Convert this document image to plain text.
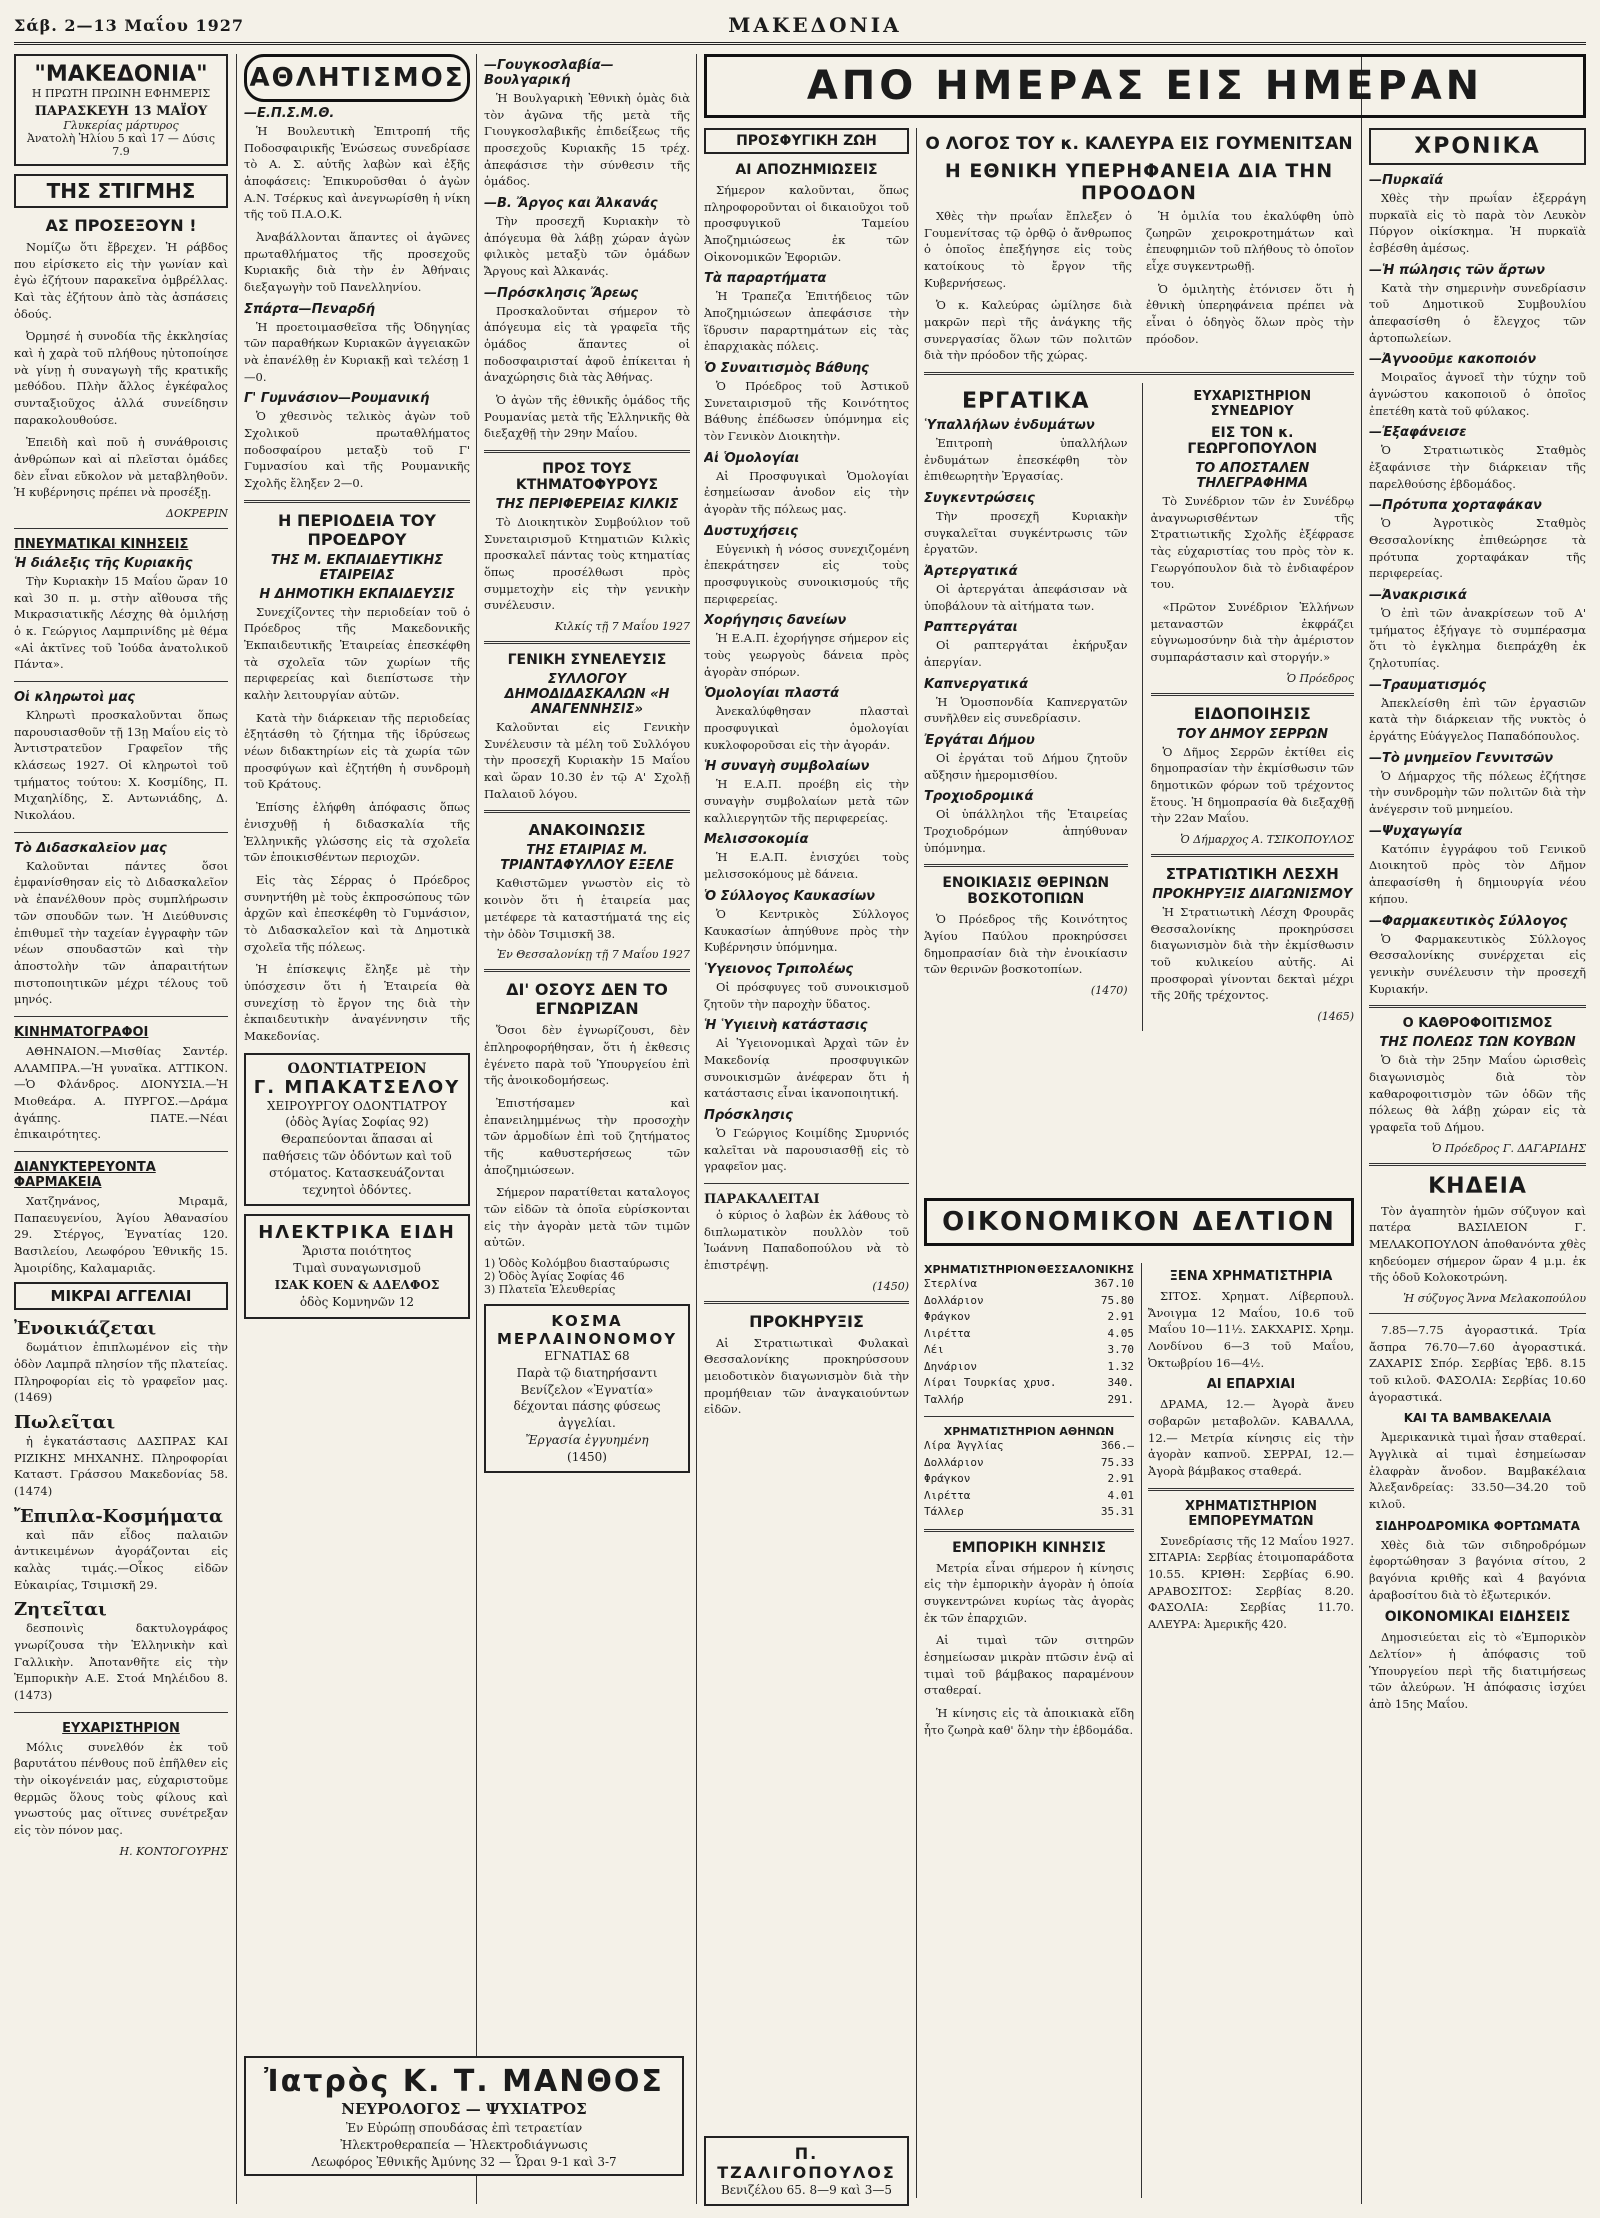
Σάβ. 2—13 Μαΐου 1927	ΜΑΚΕΔΟΝΙΑ
"ΜΑΚΕΔΟΝΙΑ"
Η ΠΡΩΤΗ ΠΡΩΙΝΗ ΕΦΗΜΕΡΙΣ
ΠΑΡΑΣΚΕΥΗ 13 ΜΑΪΟΥ
Γλυκερίας μάρτυρος
Ἀνατολὴ Ἡλίου 5 καὶ 17 — Δύσις 7.9
ΤΗΣ ΣΤΙΓΜΗΣ
ΑΣ ΠΡΟΣΕΞΟΥΝ !

Νομίζω ὅτι ἔβρεχεν. Ἡ ράβδος που εἰρίσκετο εἰς τὴν γωνίαν καὶ ἐγὼ ἐζήτουν παρακεῖνα ὀμβρέλλας. Καὶ τὰς ἐζήτουν ἀπὸ τὰς ἀσπάσεις ὁδούς.

Ὀρμησέ ἡ συνοδία τῆς ἐκκλησίας καὶ ἡ χαρὰ τοῦ πλήθους ηὐτοποίησε νὰ γίνῃ ἡ συναγωγὴ τῆς κρατικῆς μεθόδου. Πλὴν ἄλλος ἐγκέφαλος συνταξιοῦχος ἀλλά συνείδησιν παρακολουθούσε.

Ἐπειδὴ καὶ ποῦ ἡ συνάθροισις ἀνθρώπων καὶ αἱ πλεῖσται ὁμάδες δὲν εἶναι εὔκολον νὰ μεταβληθοῦν. Ἡ κυβέρνησις πρέπει νὰ προσέξῃ.

ΔΟΚΡΕΡΙΝ
ΠΝΕΥΜΑΤΙΚΑΙ ΚΙΝΗΣΕΙΣ
Ἡ διάλεξις τῆς Κυριακῆς

Τὴν Κυριακὴν 15 Μαΐου ὥραν 10 καὶ 30 π. μ. στὴν αἴθουσα τῆς Μικρασιατικῆς Λέσχης θὰ ὁμιλήσῃ ὁ κ. Γεώργιος Λαμπρινίδης μὲ θέμα «Αἱ ἀκτῖνες τοῦ Ἰούδα ἀνατολικοῦ Πάντα».

Οἱ κληρωτοὶ μας

Κληρωτὶ προσκαλοῦνται ὅπως παρουσιασθοῦν τῇ 13ῃ Μαΐου εἰς τὸ Ἀντιστρατεῦον Γραφεῖον τῆς κλάσεως 1927. Οἱ κληρωτοὶ τοῦ τμήματος τούτου: Χ. Κοσμίδης, Π. Μιχαηλίδης, Σ. Αντωνιάδης, Δ. Νικολάου.

Τὸ Διδασκαλεῖον μας

Καλοῦνται πάντες ὅσοι ἐμφανίσθησαν εἰς τὸ Διδασκαλεῖον νὰ ἐπανέλθουν πρὸς συμπλήρωσιν τῶν σπουδῶν των. Ἡ Διεύθυνσις ἐπιθυμεῖ τὴν ταχείαν ἐγγραφὴν τῶν νέων σπουδαστῶν καὶ τὴν ἀποστολὴν τῶν ἀπαραιτήτων πιστοποιητικῶν μέχρι τέλους τοῦ μηνός.

ΚΙΝΗΜΑΤΟΓΡΑΦΟΙ

ΑΘΗΝΑΙΟΝ.—Μισθίας Σαντέρ. ΑΛΑΜΠΡΑ.—Ἡ γυναῖκα. ΑΤΤΙΚΟΝ.—Ὁ Φλάνδρος. ΔΙΟΝΥΣΙΑ.—Ἡ Μιοθεάρα. Α. ΠΥΡΓΟΣ.—Δράμα ἀγάπης. ΠΑΤΕ.—Νέαι ἐπικαιρότητες.

ΔΙΑΝΥΚΤΕΡΕΥΟΝΤΑ ΦΑΡΜΑΚΕΙΑ

Χατζηνάνος, Μιραμᾶ, Παπαευγενίου, Ἁγίου Ἀθανασίου 29. Στέργος, Ἐγνατίας 120. Βασιλείου, Λεωφόρου Ἐθνικῆς 15. Ἀμοιρίδης, Καλαμαριᾶς.

ΜΙΚΡΑΙ ΑΓΓΕΛΙΑΙ
Ἐνοικιάζεται

δωμάτιον ἐπιπλωμένον εἰς τὴν ὁδὸν Λαμπρᾶ πλησίον τῆς πλατείας. Πληροφορίαι εἰς τὸ γραφεῖον μας. (1469)

Πωλεῖται

ἡ ἐγκατάστασις ΔΑΣΠΡΑΣ ΚΑΙ ΡΙΖΙΚΗΣ ΜΗΧΑΝΗΣ. Πληροφορίαι Καταστ. Γράσσου Μακεδονίας 58. (1474)

Ἔπιπλα-Κοσμήματα

καὶ πᾶν εἶδος παλαιῶν ἀντικειμένων ἀγοράζονται εἰς καλὰς τιμάς.—Οἶκος εἰδῶν Εὐκαιρίας, Τσιμισκῆ 29.

Ζητεῖται

δεσποινὶς δακτυλογράφος γνωρίζουσα τὴν Ἑλληνικὴν καὶ Γαλλικὴν. Ἀποτανθῆτε εἰς τὴν Ἐμπορικὴν Α.Ε. Στοά Μηλέιδου 8. (1473)

ΕΥΧΑΡΙΣΤΗΡΙΟΝ

Μόλις συνελθόν ἐκ τοῦ βαρυτάτου πένθους ποῦ ἐπῆλθεν εἰς τὴν οἰκογένειάν μας, εὐχαριστοῦμε θερμῶς ὅλους τοὺς φίλους καὶ γνωστούς μας οἵτινες συνέτρεξαν εἰς τὸν πόνον μας.

Η. ΚΟΝΤΟΓΟΥΡΗΣ
ΑΘΛΗΤΙΣΜΟΣ
—Ε.Π.Σ.Μ.Θ.

Ἡ Βουλευτικὴ Ἐπιτροπή τῆς Ποδοσφαιρικῆς Ἑνώσεως συνεδρίασε τὸ Α. Σ. αὐτῆς λαβὼν καὶ ἐξῆς ἀποφάσεις: Ἐπικυροῦσθαι ὁ ἀγὼν Α.Ν. Τσέρκυς καὶ ἀνεγνωρίσθη ἡ νίκη τῆς τοῦ Π.Α.Ο.Κ.

Ἀναβάλλονται ἅπαντες οἱ ἀγῶνες πρωταθλήματος τῆς προσεχοῦς Κυριακῆς διὰ τὴν ἐν Ἀθήναις διεξαγωγὴν τοῦ Πανελληνίου.

Σπάρτα—Πεναρδή

Ἡ προετοιμασθεῖσα τῆς Ὀδηγηίας τῶν παραθήκων Κυριακῶν ἀγγειακῶν νὰ ἐπανέλθῃ ἐν Κυριακῇ καὶ τελέσῃ 1—0.

Γ' Γυμνάσιον—Ρουμανική

Ὁ χθεσινὸς τελικὸς ἀγὼν τοῦ Σχολικοῦ πρωταθλήματος ποδοσφαίρου μεταξὺ τοῦ Γ' Γυμνασίου καὶ τῆς Ρουμανικῆς Σχολῆς ἔληξεν 2—0.

Η ΠΕΡΙΟΔΕΙΑ ΤΟΥ ΠΡΟΕΔΡΟΥ
ΤΗΣ Μ. ΕΚΠΑΙΔΕΥΤΙΚΗΣ ΕΤΑΙΡΕΙΑΣ
Η ΔΗΜΟΤΙΚΗ ΕΚΠΑΙΔΕΥΣΙΣ

Συνεχίζοντες τὴν περιοδείαν τοῦ ὁ Πρόεδρος τῆς Μακεδονικῆς Ἐκπαιδευτικῆς Ἑταιρείας ἐπεσκέφθη τὰ σχολεῖα τῶν χωρίων τῆς περιφερείας καὶ διεπίστωσε τὴν καλὴν λειτουργίαν αὐτῶν.

Κατὰ τὴν διάρκειαν τῆς περιοδείας ἐξητάσθη τὸ ζήτημα τῆς ἱδρύσεως νέων διδακτηρίων εἰς τὰ χωρία τῶν προσφύγων καὶ ἐζητήθη ἡ συνδρομὴ τοῦ Κράτους.

Ἐπίσης ἐλήφθη ἀπόφασις ὅπως ἐνισχυθῇ ἡ διδασκαλία τῆς Ἑλληνικῆς γλώσσης εἰς τὰ σχολεῖα τῶν ἐποικισθέντων περιοχῶν.

Εἰς τὰς Σέρρας ὁ Πρόεδρος συνηντήθη μὲ τοὺς ἐκπροσώπους τῶν ἀρχῶν καὶ ἐπεσκέφθη τὸ Γυμνάσιον, τὸ Διδασκαλεῖον καὶ τὰ Δημοτικὰ σχολεῖα τῆς πόλεως.

Ἡ ἐπίσκεψις ἔληξε μὲ τὴν ὑπόσχεσιν ὅτι ἡ Ἑταιρεία θὰ συνεχίσῃ τὸ ἔργον της διὰ τὴν ἐκπαιδευτικὴν ἀναγέννησιν τῆς Μακεδονίας.

ΟΔΟΝΤΙΑΤΡΕΙΟΝ
Γ. ΜΠΑΚΑΤΣΕΛΟΥ
ΧΕΙΡΟΥΡΓΟΥ ΟΔΟΝΤΙΑΤΡΟΥ
(ὁδὸς Ἁγίας Σοφίας 92)
Θεραπεύονται ἅπασαι αἱ παθήσεις τῶν ὀδόντων καὶ τοῦ στόματος. Κατασκευάζονται τεχνητοὶ ὀδόντες.
ΗΛΕΚΤΡΙΚΑ ΕΙΔΗ
Ἄριστα ποιότητος
Τιμαὶ συναγωνισμοῦ
ΙΣΑΚ ΚΟΕΝ & ΑΔΕΛΦΟΣ
ὁδὸς Κομνηνῶν 12
—Γουγκοσλαβία—Βουλγαρική

Ἡ Βουλγαρικὴ Ἐθνικὴ ὁμὰς διὰ τὸν ἀγῶνα τῆς μετὰ τῆς Γιουγκοσλαβικῆς ἐπιδείξεως τῆς προσεχοῦς Κυριακῆς 15 τρέχ. ἀπεφάσισε τὴν σύνθεσιν τῆς ὁμάδος.

—Β. Ἄργος και Ἀλκανάς

Τὴν προσεχῆ Κυριακὴν τὸ ἀπόγευμα θὰ λάβῃ χώραν ἀγὼν φιλικὸς μεταξὺ τῶν ὁμάδων Ἄργους καὶ Ἀλκανάς.

—Πρόσκλησις Ἄρεως

Προσκαλοῦνται σήμερον τὸ ἀπόγευμα εἰς τὰ γραφεῖα τῆς ὁμάδος ἅπαντες οἱ ποδοσφαιρισταί ἀφοῦ ἐπίκειται ἡ ἀναχώρησις διὰ τὰς Ἀθήνας.

Ὁ ἀγὼν τῆς ἐθνικῆς ὁμάδος τῆς Ρουμανίας μετὰ τῆς Ἑλληνικῆς θὰ διεξαχθῇ τὴν 29ην Μαΐου.

ΠΡΟΣ ΤΟΥΣ ΚΤΗΜΑΤΟΦΥΡΟΥΣ
ΤΗΣ ΠΕΡΙΦΕΡΕΙΑΣ ΚΙΛΚΙΣ

Τὸ Διοικητικὸν Συμβούλιον τοῦ Συνεταιρισμοῦ Κτηματιῶν Κιλκὶς προσκαλεῖ πάντας τοὺς κτηματίας ὅπως προσέλθωσι πρὸς συμμετοχὴν εἰς τὴν γενικὴν συνέλευσιν.

Κιλκίς τῇ 7 Μαΐου 1927
ΓΕΝΙΚΗ ΣΥΝΕΛΕΥΣΙΣ
ΣΥΛΛΟΓΟΥ ΔΗΜΟΔΙΔΑΣΚΑΛΩΝ «Η ΑΝΑΓΕΝΝΗΣΙΣ»

Καλοῦνται εἰς Γενικὴν Συνέλευσιν τὰ μέλη τοῦ Συλλόγου τὴν προσεχῆ Κυριακὴν 15 Μαΐου καὶ ὥραν 10.30 ἐν τῷ Α' Σχολῇ Παλαιοῦ λόγου.

ΑΝΑΚΟΙΝΩΣΙΣ
ΤΗΣ ΕΤΑΙΡΙΑΣ Μ. ΤΡΙΑΝΤΑΦΥΛΛΟΥ ΕΞΕΛΕ

Καθιστῶμεν γνωστὸν εἰς τὸ κοινὸν ὅτι ἡ ἑταιρεία μας μετέφερε τὰ καταστήματά της εἰς τὴν ὁδὸν Τσιμισκῆ 38.

Ἐν Θεσσαλονίκῃ τῇ 7 Μαΐου 1927
ΔΙ' ΟΣΟΥΣ ΔΕΝ ΤΟ ΕΓΝΩΡΙΖΑΝ

Ὅσοι δὲν ἐγνωρίζουσι, δὲν ἐπληροφορήθησαν, ὅτι ἡ ἐκθεσις ἐγένετο παρὰ τοῦ Ὑπουργείου ἐπὶ τῆς ἀνοικοδομήσεως.

Ἐπιστήσαμεν καὶ ἐπανειλημμένως τὴν προσοχὴν τῶν ἁρμοδίων ἐπὶ τοῦ ζητήματος τῆς καθυστερήσεως τῶν ἀποζημιώσεων.

Σήμερον παρατίθεται καταλογος τῶν εἰδῶν τὰ ὁποῖα εὑρίσκονται εἰς τὴν ἀγορὰν μετὰ τῶν τιμῶν αὐτῶν.

1) Ὁδὸς Κολόμβου διασταύρωσις
2) Ὁδὸς Ἁγίας Σοφίας 46
3) Πλατεῖα Ἐλευθερίας
ΚΟΣΜΑ ΜΕΡΛΑΙΝΟΝΟΜΟΥ
ΕΓΝΑΤΙΑΣ 68
Παρὰ τῷ διατηρήσαντι Βενίζελον «Ἐγνατία» δέχονται πάσης φύσεως ἀγγελίαι.
Ἔργασία ἐγγυημένη
(1450)
Ἰατρὸς Κ. Τ. ΜΑΝΘΟΣ
ΝΕΥΡΟΛΟΓΟΣ — ΨΥΧΙΑΤΡΟΣ
Ἐν Εὐρώπῃ σπουδάσας ἐπὶ τετραετίαν
Ἠλεκτροθεραπεία — Ἠλεκτροδιάγνωσις
Λεωφόρος Ἐθνικῆς Ἀμύνης 32 — Ὧραι 9-1 καὶ 3-7
ΑΠΟ ΗΜΕΡΑΣ ΕΙΣ ΗΜΕΡΑΝ
ΠΡΟΣΦΥΓΙΚΗ ΖΩΗ
ΑΙ ΑΠΟΖΗΜΙΩΣΕΙΣ

Σήμερον καλοῦνται, ὅπως πληροφοροῦνται οἱ δικαιοῦχοι τοῦ προσφυγικοῦ Ταμείου Ἀποζημιώσεως ἐκ τῶν Οἰκονομικῶν Ἐφοριῶν.

Τὰ παραρτήματα

Ἡ Τραπεζα Ἐπιτήδειος τῶν Ἀποζημιώσεων ἀπεφάσισε τὴν ἵδρυσιν παραρτημάτων εἰς τὰς ἐπαρχιακὰς πόλεις.

Ὁ Συναιτισμὸς Βάθυης

Ὁ Πρόεδρος τοῦ Ἀστικοῦ Συνεταιρισμοῦ τῆς Κοινότητος Βάθυης ἐπέδωσεν ὑπόμνημα εἰς τὸν Γενικὸν Διοικητὴν.

Αἱ Ὁμολογίαι

Αἱ Προσφυγικαὶ Ὁμολογίαι ἐσημείωσαν ἀνοδον εἰς τὴν ἀγορὰν τῆς πόλεως μας.

Δυστυχήσεις

Εὐγενικὴ ἡ νόσος συνεχιζομένη ἐπεκράτησεν εἰς τοὺς προσφυγικοὺς συνοικισμούς τῆς περιφερείας.

Χορήγησις δανείων

Ἡ Ε.Α.Π. ἐχορήγησε σήμερον εἰς τοὺς γεωργοὺς δάνεια πρὸς ἀγορὰν σπόρων.

Ὁμολογίαι πλαστά

Ἀνεκαλύφθησαν πλασταὶ προσφυγικαὶ ὁμολογίαι κυκλοφοροῦσαι εἰς τὴν ἀγοράν.

Ἡ συναγὴ συμβολαίων

Ἡ Ε.Α.Π. προέβη εἰς τὴν συναγὴν συμβολαίων μετὰ τῶν καλλιεργητῶν τῆς περιφερείας.

Μελισσοκομία

Ἡ Ε.Α.Π. ἐνισχύει τοὺς μελισσοκόμους μὲ δάνεια.

Ὁ Σύλλογος Καυκασίων

Ὁ Κεντρικὸς Σύλλογος Καυκασίων ἀπηύθυνε πρὸς τὴν Κυβέρνησιν ὑπόμνημα.

Ὑγειονος Τριπολέως

Οἱ πρόσφυγες τοῦ συνοικισμοῦ ζητοῦν τὴν παροχὴν ὕδατος.

Ἡ Ὑγιεινὴ κατάστασις

Αἱ Ὑγειονομικαὶ Ἀρχαὶ τῶν ἐν Μακεδονίᾳ προσφυγικῶν συνοικισμῶν ἀνέφεραν ὅτι ἡ κατάστασις εἶναι ἱκανοποιητική.

Πρόσκλησις

Ὁ Γεώργιος Κοιμίδης Σμυρνιός καλεῖται νὰ παρουσιασθῇ εἰς τὸ γραφεῖον μας.

ΠΑΡΑΚΑΛΕΙΤΑΙ

ὁ κύριος ὁ λαβὼν ἐκ λάθους τὸ διπλωματικὸν πουλλὸν τοῦ Ἰωάννη Παπαδοπούλου νὰ τὸ ἐπιστρέψῃ.

(1450)
ΠΡΟΚΗΡΥΞΙΣ

Αἱ Στρατιωτικαὶ Φυλακαὶ Θεσσαλονίκης προκηρύσσουν μειοδοτικὸν διαγωνισμὸν διὰ τὴν προμήθειαν τῶν ἀναγκαιούντων εἰδῶν.

Π. ΤΖΑΛΙΓΟΠΟΥΛΟΣ
Βενιζέλου 65. 8—9 καὶ 3—5
Ο ΛΟΓΟΣ ΤΟΥ κ. ΚΑΛΕΥΡΑ ΕΙΣ ΓΟΥΜΕΝΙΤΣΑΝ
Η ΕΘΝΙΚΗ ΥΠΕΡΗΦΑΝΕΙΑ ΔΙΑ ΤΗΝ ΠΡΟΟΔΟΝ

Χθὲς τὴν πρωΐαν ἔπλεξεν ὁ Γουμενίτσας τῷ ὀρθῷ ὁ ἄνθρωπος ὁ ὁποῖος ἐπεξήγησε εἰς τοὺς κατοίκους τὸ ἔργον τῆς Κυβερνήσεως.

Ὁ κ. Καλεύρας ὡμίλησε διὰ μακρῶν περὶ τῆς ἀνάγκης τῆς συνεργασίας ὅλων τῶν πολιτῶν διὰ τὴν πρόοδον τῆς χώρας.

Ἡ ὁμιλία του ἐκαλύφθη ὑπὸ ζωηρῶν χειροκροτημάτων καὶ ἐπευφημιῶν τοῦ πλήθους τὸ ὁποῖον εἶχε συγκεντρωθῇ.

Ὁ ὁμιλητὴς ἐτόνισεν ὅτι ἡ ἐθνικὴ ὑπερηφάνεια πρέπει νὰ εἶναι ὁ ὁδηγὸς ὅλων πρὸς τὴν πρόοδον.

ΕΡΓΑΤΙΚΑ
Ὑπαλλήλων ἐνδυμάτων

Ἐπιτροπὴ ὑπαλλήλων ἐνδυμάτων ἐπεσκέφθη τὸν ἐπιθεωρητὴν Ἐργασίας.

Συγκεντρώσεις

Τὴν προσεχῆ Κυριακὴν συγκαλεῖται συγκέντρωσις τῶν ἐργατῶν.

Ἀρτεργατικά

Οἱ ἀρτεργάται ἀπεφάσισαν νὰ ὑποβάλουν τὰ αἰτήματα των.

Ραπτεργάται

Οἱ ραπτεργάται ἐκήρυξαν ἀπεργίαν.

Καπνεργατικά

Ἡ Ὁμοσπονδία Καπνεργατῶν συνῆλθεν εἰς συνεδρίασιν.

Ἐργάται Δήμου

Οἱ ἐργάται τοῦ Δήμου ζητοῦν αὔξησιν ἡμερομισθίου.

Τροχιοδρομικά

Οἱ ὑπάλληλοι τῆς Ἑταιρείας Τροχιοδρόμων ἀπηύθυναν ὑπόμνημα.

ΕΝΟΙΚΙΑΣΙΣ ΘΕΡΙΝΩΝ ΒΟΣΚΟΤΟΠΙΩΝ

Ὁ Πρόεδρος τῆς Κοινότητος Ἁγίου Παύλου προκηρύσσει δημοπρασίαν διὰ τὴν ἐνοικίασιν τῶν θερινῶν βοσκοτοπίων.

(1470)
ΕΥΧΑΡΙΣΤΗΡΙΟΝ ΣΥΝΕΔΡΙΟΥ
ΕΙΣ ΤΟΝ κ. ΓΕΩΡΓΟΠΟΥΛΟΝ
ΤΟ ΑΠΟΣΤΑΛΕΝ ΤΗΛΕΓΡΑΦΗΜΑ

Τὸ Συνέδριον τῶν ἐν Συνέδρῳ ἀναγνωρισθέντων τῆς Στρατιωτικῆς Σχολῆς ἐξέφρασε τὰς εὐχαριστίας του πρὸς τὸν κ. Γεωργόπουλον διὰ τὸ ἐνδιαφέρον του.

«Πρῶτον Συνέδριον Ἑλλήνων μεταναστῶν ἐκφράζει εὐγνωμοσύνην διὰ τὴν ἀμέριστον συμπαράστασιν καὶ στοργήν.»

Ὁ Πρόεδρος
ΕΙΔΟΠΟΙΗΣΙΣ
ΤΟΥ ΔΗΜΟΥ ΣΕΡΡΩΝ

Ὁ Δῆμος Σερρῶν ἐκτίθει εἰς δημοπρασίαν τὴν ἐκμίσθωσιν τῶν δημοτικῶν φόρων τοῦ τρέχοντος ἔτους. Ἡ δημοπρασία θὰ διεξαχθῇ τὴν 22αν Μαΐου.

Ὁ Δήμαρχος Α. ΤΣΙΚΟΠΟΥΛΟΣ
ΣΤΡΑΤΙΩΤΙΚΗ ΛΕΣΧΗ
ΠΡΟΚΗΡΥΞΙΣ ΔΙΑΓΩΝΙΣΜΟΥ

Ἡ Στρατιωτικὴ Λέσχη Φρουρᾶς Θεσσαλονίκης προκηρύσσει διαγωνισμὸν διὰ τὴν ἐκμίσθωσιν τοῦ κυλικείου αὐτῆς. Αἱ προσφοραὶ γίνονται δεκταὶ μέχρι τῆς 20ῆς τρέχοντος.

(1465)
ΟΙΚΟΝΟΜΙΚΟΝ ΔΕΛΤΙΟΝ
ΧΡΗΜΑΤΙΣΤΗΡΙΟΝ ΘΕΣΣΑΛΟΝΙΚΗΣ
Στερλίνα	367.10
Δολλάριον	75.80
Φράγκον	2.91
Λιρέττα	4.05
Λέι	3.70
Δηνάριον	1.32
Λίραι Τουρκίας χρυσ.	340.
Ταλλήρ	291.
ΧΡΗΜΑΤΙΣΤΗΡΙΟΝ ΑΘΗΝΩΝ
Λίρα Ἀγγλίας	366.—
Δολλάριον	75.33
Φράγκον	2.91
Λιρέττα	4.01
Τάλλερ	35.31
ΕΜΠΟΡΙΚΗ ΚΙΝΗΣΙΣ

Μετρία εἶναι σήμερον ἡ κίνησις εἰς τὴν ἐμπορικὴν ἀγορὰν ἡ ὁποία συγκεντρώνει κυρίως τὰς ἀγορὰς ἐκ τῶν ἐπαρχιῶν.

Αἱ τιμαὶ τῶν σιτηρῶν ἐσημείωσαν μικρὰν πτῶσιν ἐνῷ αἱ τιμαὶ τοῦ βάμβακος παραμένουν σταθεραί.

Ἡ κίνησις εἰς τὰ ἀποικιακὰ εἴδη ἦτο ζωηρὰ καθ' ὅλην τὴν ἑβδομάδα.

ΞΕΝΑ ΧΡΗΜΑΤΙΣΤΗΡΙΑ

ΣΙΤΟΣ. Χρηματ. Λίβερπουλ. Ἄνοιγμα 12 Μαΐου, 10.6 τοῦ Μαΐου 10—11½. ΣΑΚΧΑΡΙΣ. Χρημ. Λονδίνου 6—3 τοῦ Μαΐου, Ὀκτωβρίου 16—4½.

ΑΙ ΕΠΑΡΧΙΑΙ

ΔΡΑΜΑ, 12.— Ἀγορὰ ἄνευ σοβαρῶν μεταβολῶν. ΚΑΒΑΛΛΑ, 12.— Μετρία κίνησις εἰς τὴν ἀγορὰν καπνοῦ. ΣΕΡΡΑΙ, 12.— Ἀγορὰ βάμβακος σταθερά.

ΧΡΗΜΑΤΙΣΤΗΡΙΟΝ ΕΜΠΟΡΕΥΜΑΤΩΝ

Συνεδρίασις τῆς 12 Μαΐου 1927. ΣΙΤΑΡΙΑ: Σερβίας ἑτοιμοπαράδοτα 10.55. ΚΡΙΘΗ: Σερβίας 6.90. ΑΡΑΒΟΣΙΤΟΣ: Σερβίας 8.20. ΦΑΣΟΛΙΑ: Σερβίας 11.70. ΑΛΕΥΡΑ: Ἀμερικῆς 420.

ΧΡΟΝΙΚΑ
—Πυρκαϊά

Χθὲς τὴν πρωΐαν ἐξερράγη πυρκαϊὰ εἰς τὸ παρὰ τὸν Λευκὸν Πύργον οἰκίσκημα. Ἡ πυρκαϊὰ ἐσβέσθη ἀμέσως.

—Ἡ πώλησις τῶν ἄρτων

Κατὰ τὴν σημερινὴν συνεδρίασιν τοῦ Δημοτικοῦ Συμβουλίου ἀπεφασίσθη ὁ ἔλεγχος τῶν ἀρτοπωλείων.

—Ἀγνοοῦμε κακοποιόν

Μοιραῖος ἀγνοεῖ τὴν τύχην τοῦ ἀγνώστου κακοποιοῦ ὁ ὁποῖος ἐπετέθη κατὰ τοῦ φύλακος.

—Ἐξαφάνεισε

Ὁ Στρατιωτικὸς Σταθμὸς ἐξαφάνισε τὴν διάρκειαν τῆς παρελθούσης ἑβδομάδος.

—Πρότυπα χορταφάκαν

Ὁ Ἀγροτικὸς Σταθμὸς Θεσσαλονίκης ἐπιθεώρησε τὰ πρότυπα χορταφάκαν τῆς περιφερείας.

—Ἀνακρισικά

Ὁ ἐπὶ τῶν ἀνακρίσεων τοῦ Α' τμήματος ἐξήγαγε τὸ συμπέρασμα ὅτι τὸ ἐγκλημα διεπράχθη ἐκ ζηλοτυπίας.

—Τραυματισμός

Ἀπεκλείσθη ἐπὶ τῶν ἐργασιῶν κατὰ τὴν διάρκειαν τῆς νυκτὸς ὁ ἐργάτης Εὐάγγελος Παπαδόπουλος.

—Τὸ μνημεῖον Γεννιτσῶν

Ὁ Δήμαρχος τῆς πόλεως ἐζήτησε τὴν συνδρομὴν τῶν πολιτῶν διὰ τὴν ἀνέγερσιν τοῦ μνημείου.

—Ψυχαγωγία

Κατόπιν ἐγγράφου τοῦ Γενικοῦ Διοικητοῦ πρὸς τὸν Δῆμον ἀπεφασίσθη ἡ δημιουργία νέου κήπου.

—Φαρμακευτικὸς Σύλλογος

Ὁ Φαρμακευτικὸς Σύλλογος Θεσσαλονίκης συνέρχεται εἰς γενικὴν συνέλευσιν τὴν προσεχῆ Κυριακήν.

Ο ΚΑΘΡΟΦΟΙΤΙΣΜΟΣ
ΤΗΣ ΠΟΛΕΩΣ ΤΩΝ ΚΟΥΒΩΝ

Ὁ διὰ τὴν 25ην Μαΐου ὡρισθεὶς διαγωνισμὸς διὰ τὸν καθαροφοιτισμὸν τῶν ὁδῶν τῆς πόλεως θὰ λάβῃ χώραν εἰς τὰ γραφεῖα τοῦ Δήμου.

Ὁ Πρόεδρος Γ. ΔΑΓΑΡΙΔΗΣ
ΚΗΔΕΙΑ

Τὸν ἀγαπητὸν ἡμῶν σύζυγον καὶ πατέρα ΒΑΣΙΛΕΙΟΝ Γ. ΜΕΛΑΚΟΠΟΥΛΟΝ ἀποθανόντα χθὲς κηδεύομεν σήμερον ὥραν 4 μ.μ. ἐκ τῆς ὁδοῦ Κολοκοτρώνη.

Ἡ σύζυγος Ἄννα Μελακοπούλου

7.85—7.75 ἀγοραστικά. Τρία ἄσπρα 76.70—7.60 ἀγοραστικά. ΖΑΧΑΡΙΣ Σπόρ. Σερβίας Ἑβδ. 8.15 τοῦ κιλοῦ. ΦΑΣΟΛΙΑ: Σερβίας 10.60 ἀγοραστικά.

ΚΑΙ ΤΑ ΒΑΜΒΑΚΕΛΑΙΑ

Ἀμερικανικὰ τιμαὶ ἦσαν σταθεραί. Ἀγγλικὰ αἱ τιμαὶ ἐσημείωσαν ἐλαφρὰν ἄνοδον. Βαμβακέλαια Ἀλεξανδρείας: 33.50—34.20 τοῦ κιλοῦ.

ΣΙΔΗΡΟΔΡΟΜΙΚΑ ΦΟΡΤΩΜΑΤΑ

Χθὲς διὰ τῶν σιδηροδρόμων ἐφορτώθησαν 3 βαγόνια σίτου, 2 βαγόνια κριθῆς καὶ 4 βαγόνια ἀραβοσίτου διὰ τὸ ἐξωτερικόν.

ΟΙΚΟΝΟΜΙΚΑΙ ΕΙΔΗΣΕΙΣ

Δημοσιεύεται εἰς τὸ «Ἐμπορικὸν Δελτίον» ἡ ἀπόφασις τοῦ Ὑπουργείου περὶ τῆς διατιμήσεως τῶν ἀλεύρων. Ἡ ἀπόφασις ἰσχύει ἀπὸ 15ης Μαΐου.
